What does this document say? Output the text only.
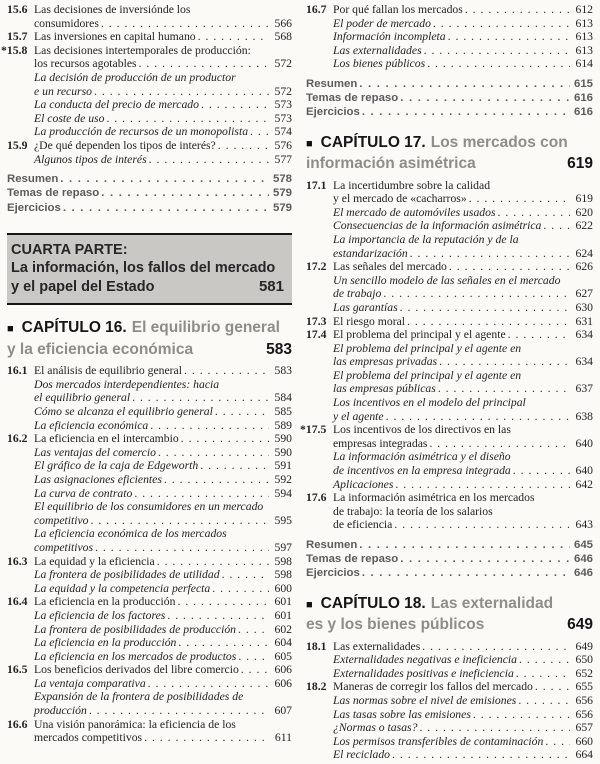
15.6 Las decisiones de inversiónde los
consumidores . . .	566
15.7 Las inversiones en capital humano . . .	568
*15.8 Las decisiones intertemporales de producción:
los recursos agotables . . .	572
La decisión de producción de un productor
e un recurso . . .	572
La conducta del precio de mercado . . .	573
El coste de uso . . .	573
La producción de recursos de un monopolista . . . 574
15.9 ¿De qué dependen los tipos de interés? . . .	576
Algunos tipos de interés . . .	577
Resumen . . .	578
Temas de repaso . . .	579
Ejercicios . . .	579
CUARTA PARTE:
La información, los fallos del mercado
y el papel del Estado	581
■ CAPÍTULO 16. El equilibrio general
y la eficiencia económica	583
16.1 El análisis de equilibrio general . . .	583
Dos mercados interdependientes: hacia
el equilibrio general . . .	584
Cómo se alcanza el equilibrio general . . .	585
La eficiencia económica . . .	589
16.2 La eficiencia en el intercambio . . .	590
Las ventajas del comercio . . .	590
El gráfico de la caja de Edgeworth . . .	591
Las asignaciones eficientes . . .	592
La curva de contrato . . .	594
El equilibrio de los consumidores en un mercado
competitivo . . .	595
La eficiencia económica de los mercados
competitivos . . .	597
16.3 La equidad y la eficiencia . . .	598
La frontera de posibilidades de utilidad . . .	598
La equidad y la competencia perfecta . . .	600
16.4 La eficiencia en la producción . . .	601
La eficiencia de los factores . . .	601
La frontera de posibilidades de producción . . .	602
La eficiencia en la producción . . .	604
La eficiencia en los mercados de productos . . .	605
16.5 Los beneficios derivados del libre comercio . . .	606
La ventaja comparativa . . .	606
Expansión de la frontera de posibilidades de
producción . . .	607
16.6 Una visión panorámica: la eficiencia de los
mercados competitivos . . .	611
16.7 Por qué fallan los mercados . . .	612
El poder de mercado . . .	613
Información incompleta . . .	613
Las externalidades . . .	613
Los bienes públicos . . .	614
Resumen . . .	615
Temas de repaso . . .	616
Ejercicios . . .	616
■ CAPÍTULO 17. Los mercados con
información asimétrica	619
17.1 La incertidumbre sobre la calidad
y el mercado de «cacharros» . . .	619
El mercado de automóviles usados . . .	620
Consecuencias de la información asimétrica . . .	622
La importancia de la reputación y de la
estandarización . . .	624
17.2 Las señales del mercado . . .	626
Un sencillo modelo de las señales en el mercado
de trabajo . . .	627
Las garantías . . .	630
17.3 El riesgo moral . . .	631
17.4 El problema del principal y el agente . . .	634
El problema del principal y el agente en
las empresas privadas . . .	634
El problema del principal y el agente en
las empresas públicas . . .	637
Los incentivos en el modelo del principal
y el agente . . .	638
*17.5 Los incentivos de los directivos en las
empresas integradas . . .	640
La información asimétrica y el diseño
de incentivos en la empresa integrada . . .	640
Aplicaciones . . .	642
17.6 La información asimétrica en los mercados
de trabajo: la teoría de los salarios
de eficiencia . . .	643
Resumen . . .	645
Temas de repaso . . .	646
Ejercicios . . .	646
■ CAPÍTULO 18. Las externalidad
es y los bienes públicos	649
18.1 Las externalidades . . .	649
Externalidades negativas e ineficiencia . . .	650
Externalidades positivas e ineficiencia . . .	652
18.2 Maneras de corregir los fallos del mercado . . .	655
Las normas sobre el nivel de emisiones . . .	656
Las tasas sobre las emisiones . . .	656
¿Normas o tasas? . . .	657
Los permisos transferibles de contaminación . . .	660
El reciclado . . .	664
